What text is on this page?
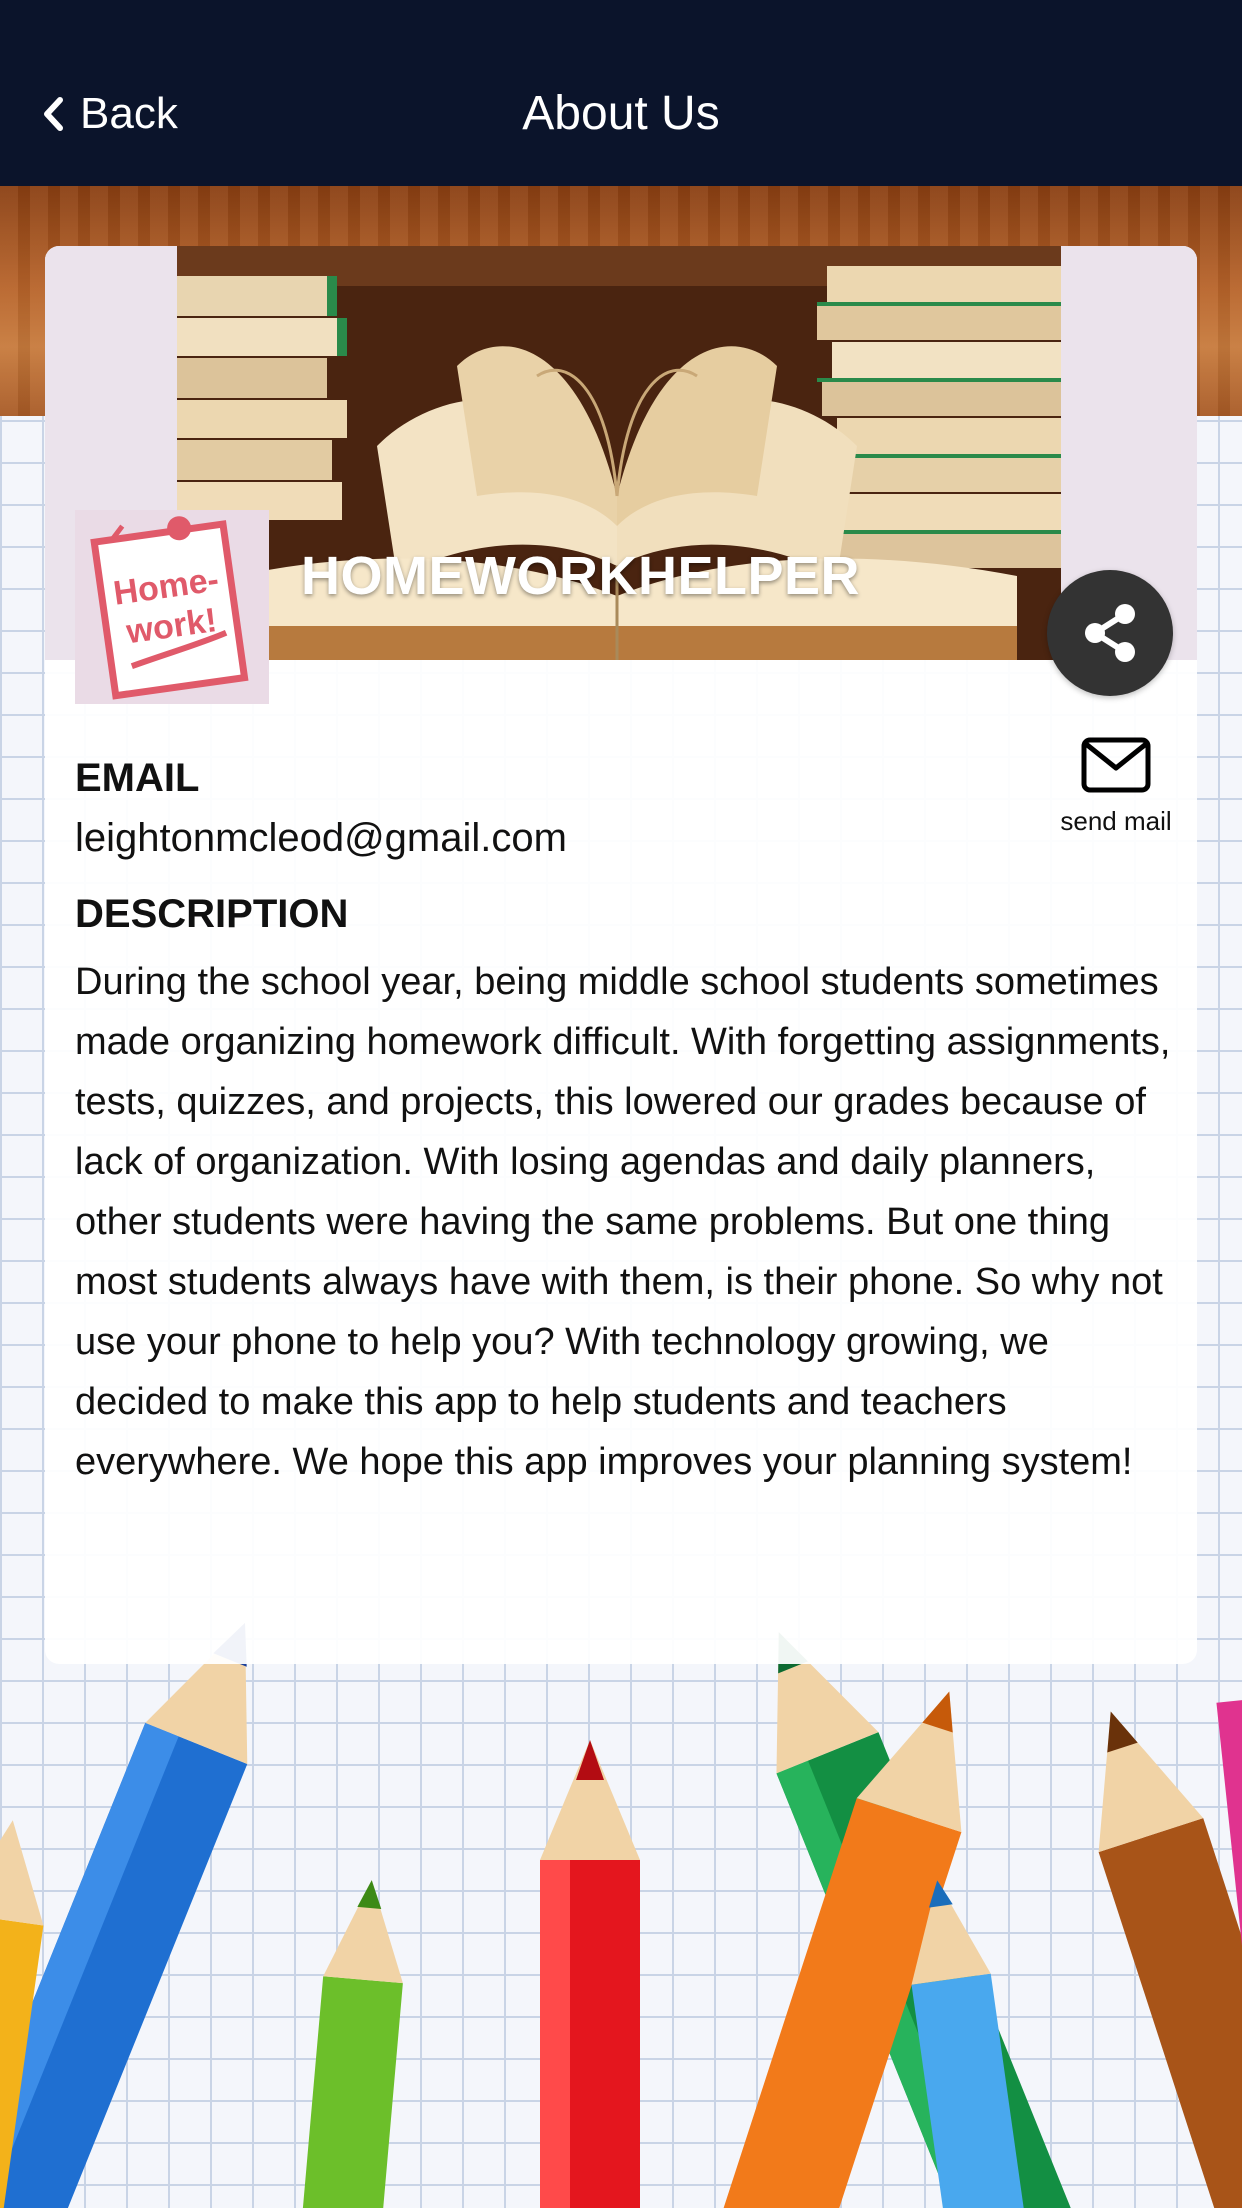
Back	About Us
Home-
work!
HOMEWORKHELPER
send mail
EMAIL
leightonmcleod@gmail.com
DESCRIPTION
During the school year, being middle school students sometimes made organizing homework difficult. With forgetting assignments, tests, quizzes, and projects, this lowered our grades because of lack of organization. With losing agendas and daily planners, other students were having the same problems. But one thing most students always have with them, is their phone. So why not use your phone to help you? With technology growing, we decided to make this app to help students and teachers everywhere. We hope this app improves your planning system!
